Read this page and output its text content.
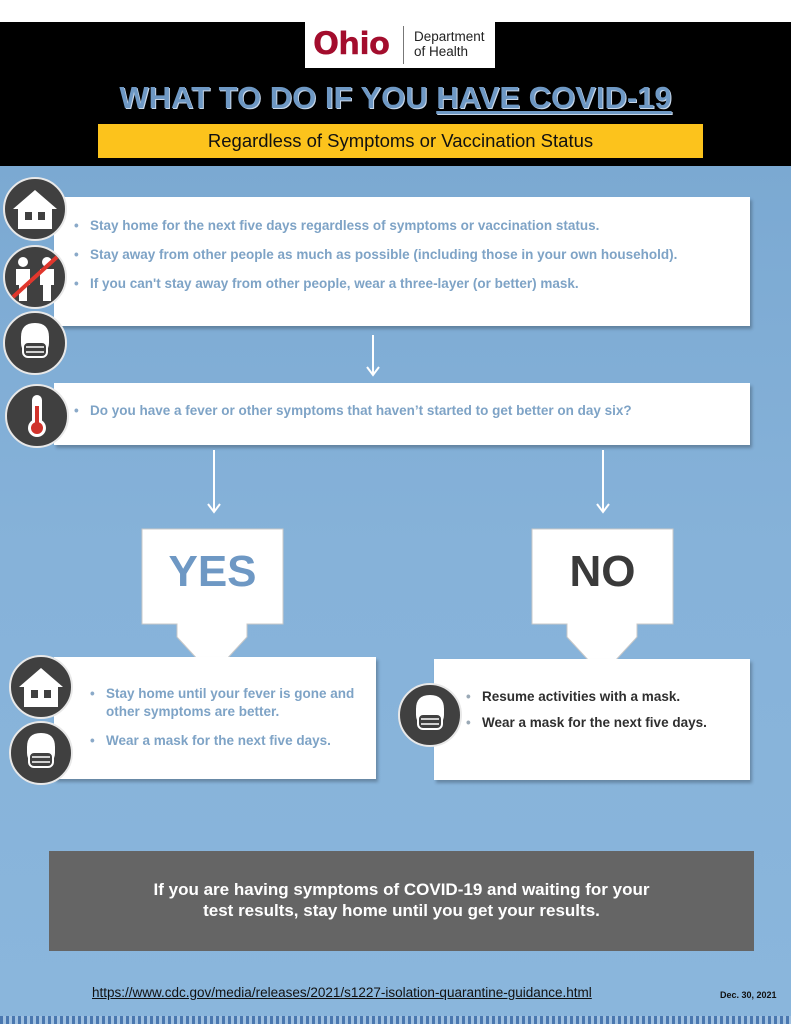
Ohio	Department
of Health
WHAT TO DO IF YOU HAVE COVID-19
Regardless of Symptoms or Vaccination Status
• Stay home for the next five days regardless of symptoms or vaccination status.
• Stay away from other people as much as possible (including those in your own household).
• If you can't stay away from other people, wear a three-layer (or better) mask.
• Do you have a fever or other symptoms that haven’t started to get better on day six?
YES	NO
• Stay home until your fever is gone and other symptoms are better.
• Wear a mask for the next five days.
• Resume activities with a mask.
• Wear a mask for the next five days.
If you are having symptoms of COVID-19 and waiting for your
test results, stay home until you get your results.
https://www.cdc.gov/media/releases/2021/s1227-isolation-quarantine-guidance.html	Dec. 30, 2021
